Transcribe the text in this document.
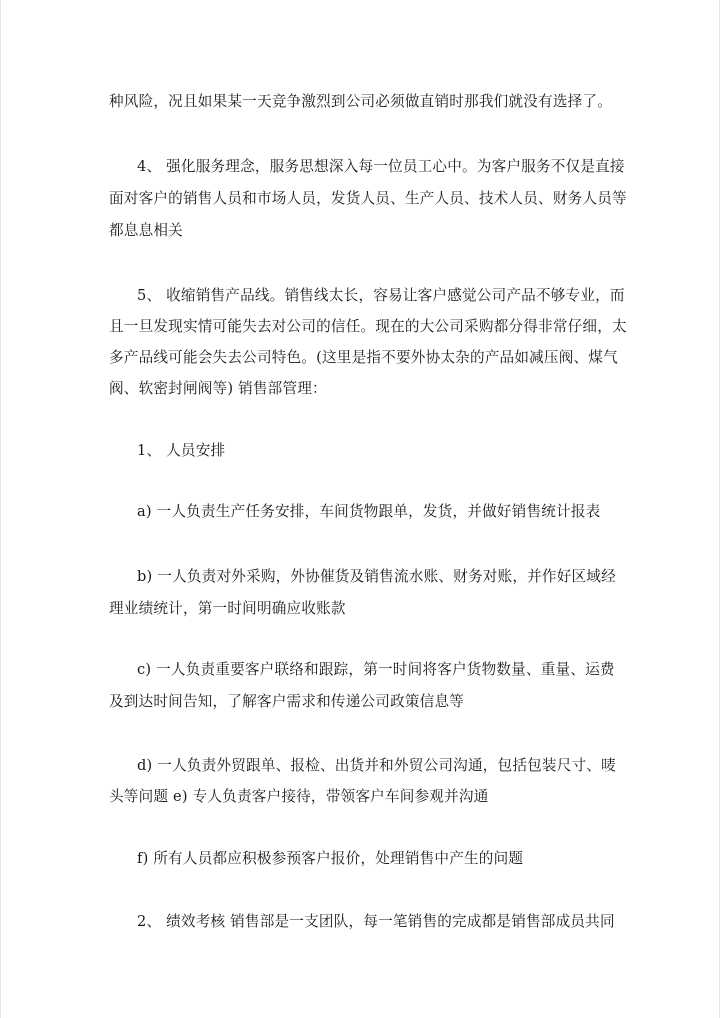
种风险，况且如果某一天竞争激烈到公司必须做直销时那我们就没有选择了。
4、 强化服务理念，服务思想深入每一位员工心中。为客户服务不仅是直接
面对客户的销售人员和市场人员，发货人员、生产人员、技术人员、财务人员等
都息息相关
5、 收缩销售产品线。销售线太长，容易让客户感觉公司产品不够专业，而
且一旦发现实情可能失去对公司的信任。现在的大公司采购都分得非常仔细，太
多产品线可能会失去公司特色。(这里是指不要外协太杂的产品如减压阀、煤气
阀、软密封闸阀等) 销售部管理：
1、 人员安排
a) 一人负责生产任务安排，车间货物跟单，发货，并做好销售统计报表
b) 一人负责对外采购，外协催货及销售流水账、财务对账，并作好区域经
理业绩统计，第一时间明确应收账款
c) 一人负责重要客户联络和跟踪，第一时间将客户货物数量、重量、运费
及到达时间告知，了解客户需求和传递公司政策信息等
d) 一人负责外贸跟单、报检、出货并和外贸公司沟通，包括包装尺寸、唛
头等问题 e) 专人负责客户接待，带领客户车间参观并沟通
f) 所有人员都应积极参预客户报价，处理销售中产生的问题
2、 绩效考核 销售部是一支团队，每一笔销售的完成都是销售部成员共同
